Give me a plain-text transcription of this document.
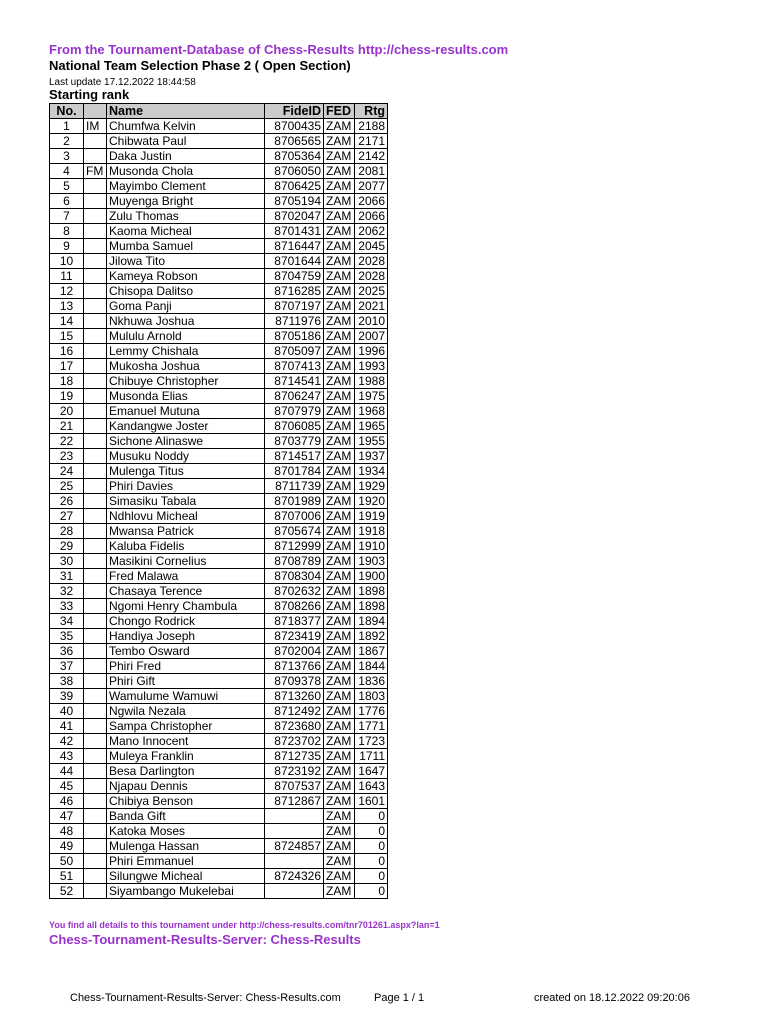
From the Tournament-Database of Chess-Results http://chess-results.com
National Team Selection Phase 2 ( Open Section)
Last update 17.12.2022 18:44:58
Starting rank
No.		Name	FideID	FED	Rtg
1	IM	Chumfwa Kelvin	8700435	ZAM	2188
2		Chibwata Paul	8706565	ZAM	2171
3		Daka Justin	8705364	ZAM	2142
4	FM	Musonda Chola	8706050	ZAM	2081
5		Mayimbo Clement	8706425	ZAM	2077
6		Muyenga Bright	8705194	ZAM	2066
7		Zulu Thomas	8702047	ZAM	2066
8		Kaoma Micheal	8701431	ZAM	2062
9		Mumba Samuel	8716447	ZAM	2045
10		Jilowa Tito	8701644	ZAM	2028
11		Kameya Robson	8704759	ZAM	2028
12		Chisopa Dalitso	8716285	ZAM	2025
13		Goma Panji	8707197	ZAM	2021
14		Nkhuwa Joshua	8711976	ZAM	2010
15		Mululu Arnold	8705186	ZAM	2007
16		Lemmy Chishala	8705097	ZAM	1996
17		Mukosha Joshua	8707413	ZAM	1993
18		Chibuye Christopher	8714541	ZAM	1988
19		Musonda Elias	8706247	ZAM	1975
20		Emanuel Mutuna	8707979	ZAM	1968
21		Kandangwe Joster	8706085	ZAM	1965
22		Sichone Alinaswe	8703779	ZAM	1955
23		Musuku Noddy	8714517	ZAM	1937
24		Mulenga Titus	8701784	ZAM	1934
25		Phiri Davies	8711739	ZAM	1929
26		Simasiku Tabala	8701989	ZAM	1920
27		Ndhlovu Micheal	8707006	ZAM	1919
28		Mwansa Patrick	8705674	ZAM	1918
29		Kaluba Fidelis	8712999	ZAM	1910
30		Masikini Cornelius	8708789	ZAM	1903
31		Fred Malawa	8708304	ZAM	1900
32		Chasaya Terence	8702632	ZAM	1898
33		Ngomi Henry Chambula	8708266	ZAM	1898
34		Chongo Rodrick	8718377	ZAM	1894
35		Handiya Joseph	8723419	ZAM	1892
36		Tembo Osward	8702004	ZAM	1867
37		Phiri Fred	8713766	ZAM	1844
38		Phiri Gift	8709378	ZAM	1836
39		Wamulume Wamuwi	8713260	ZAM	1803
40		Ngwila Nezala	8712492	ZAM	1776
41		Sampa Christopher	8723680	ZAM	1771
42		Mano Innocent	8723702	ZAM	1723
43		Muleya Franklin	8712735	ZAM	1711
44		Besa Darlington	8723192	ZAM	1647
45		Njapau Dennis	8707537	ZAM	1643
46		Chibiya Benson	8712867	ZAM	1601
47		Banda Gift		ZAM	0
48		Katoka Moses		ZAM	0
49		Mulenga Hassan	8724857	ZAM	0
50		Phiri Emmanuel		ZAM	0
51		Silungwe Micheal	8724326	ZAM	0
52		Siyambango Mukelebai		ZAM	0
You find all details to this tournament under http://chess-results.com/tnr701261.aspx?lan=1
Chess-Tournament-Results-Server: Chess-Results
Chess-Tournament-Results-Server: Chess-Results.com	Page 1 / 1	created on 18.12.2022 09:20:06
